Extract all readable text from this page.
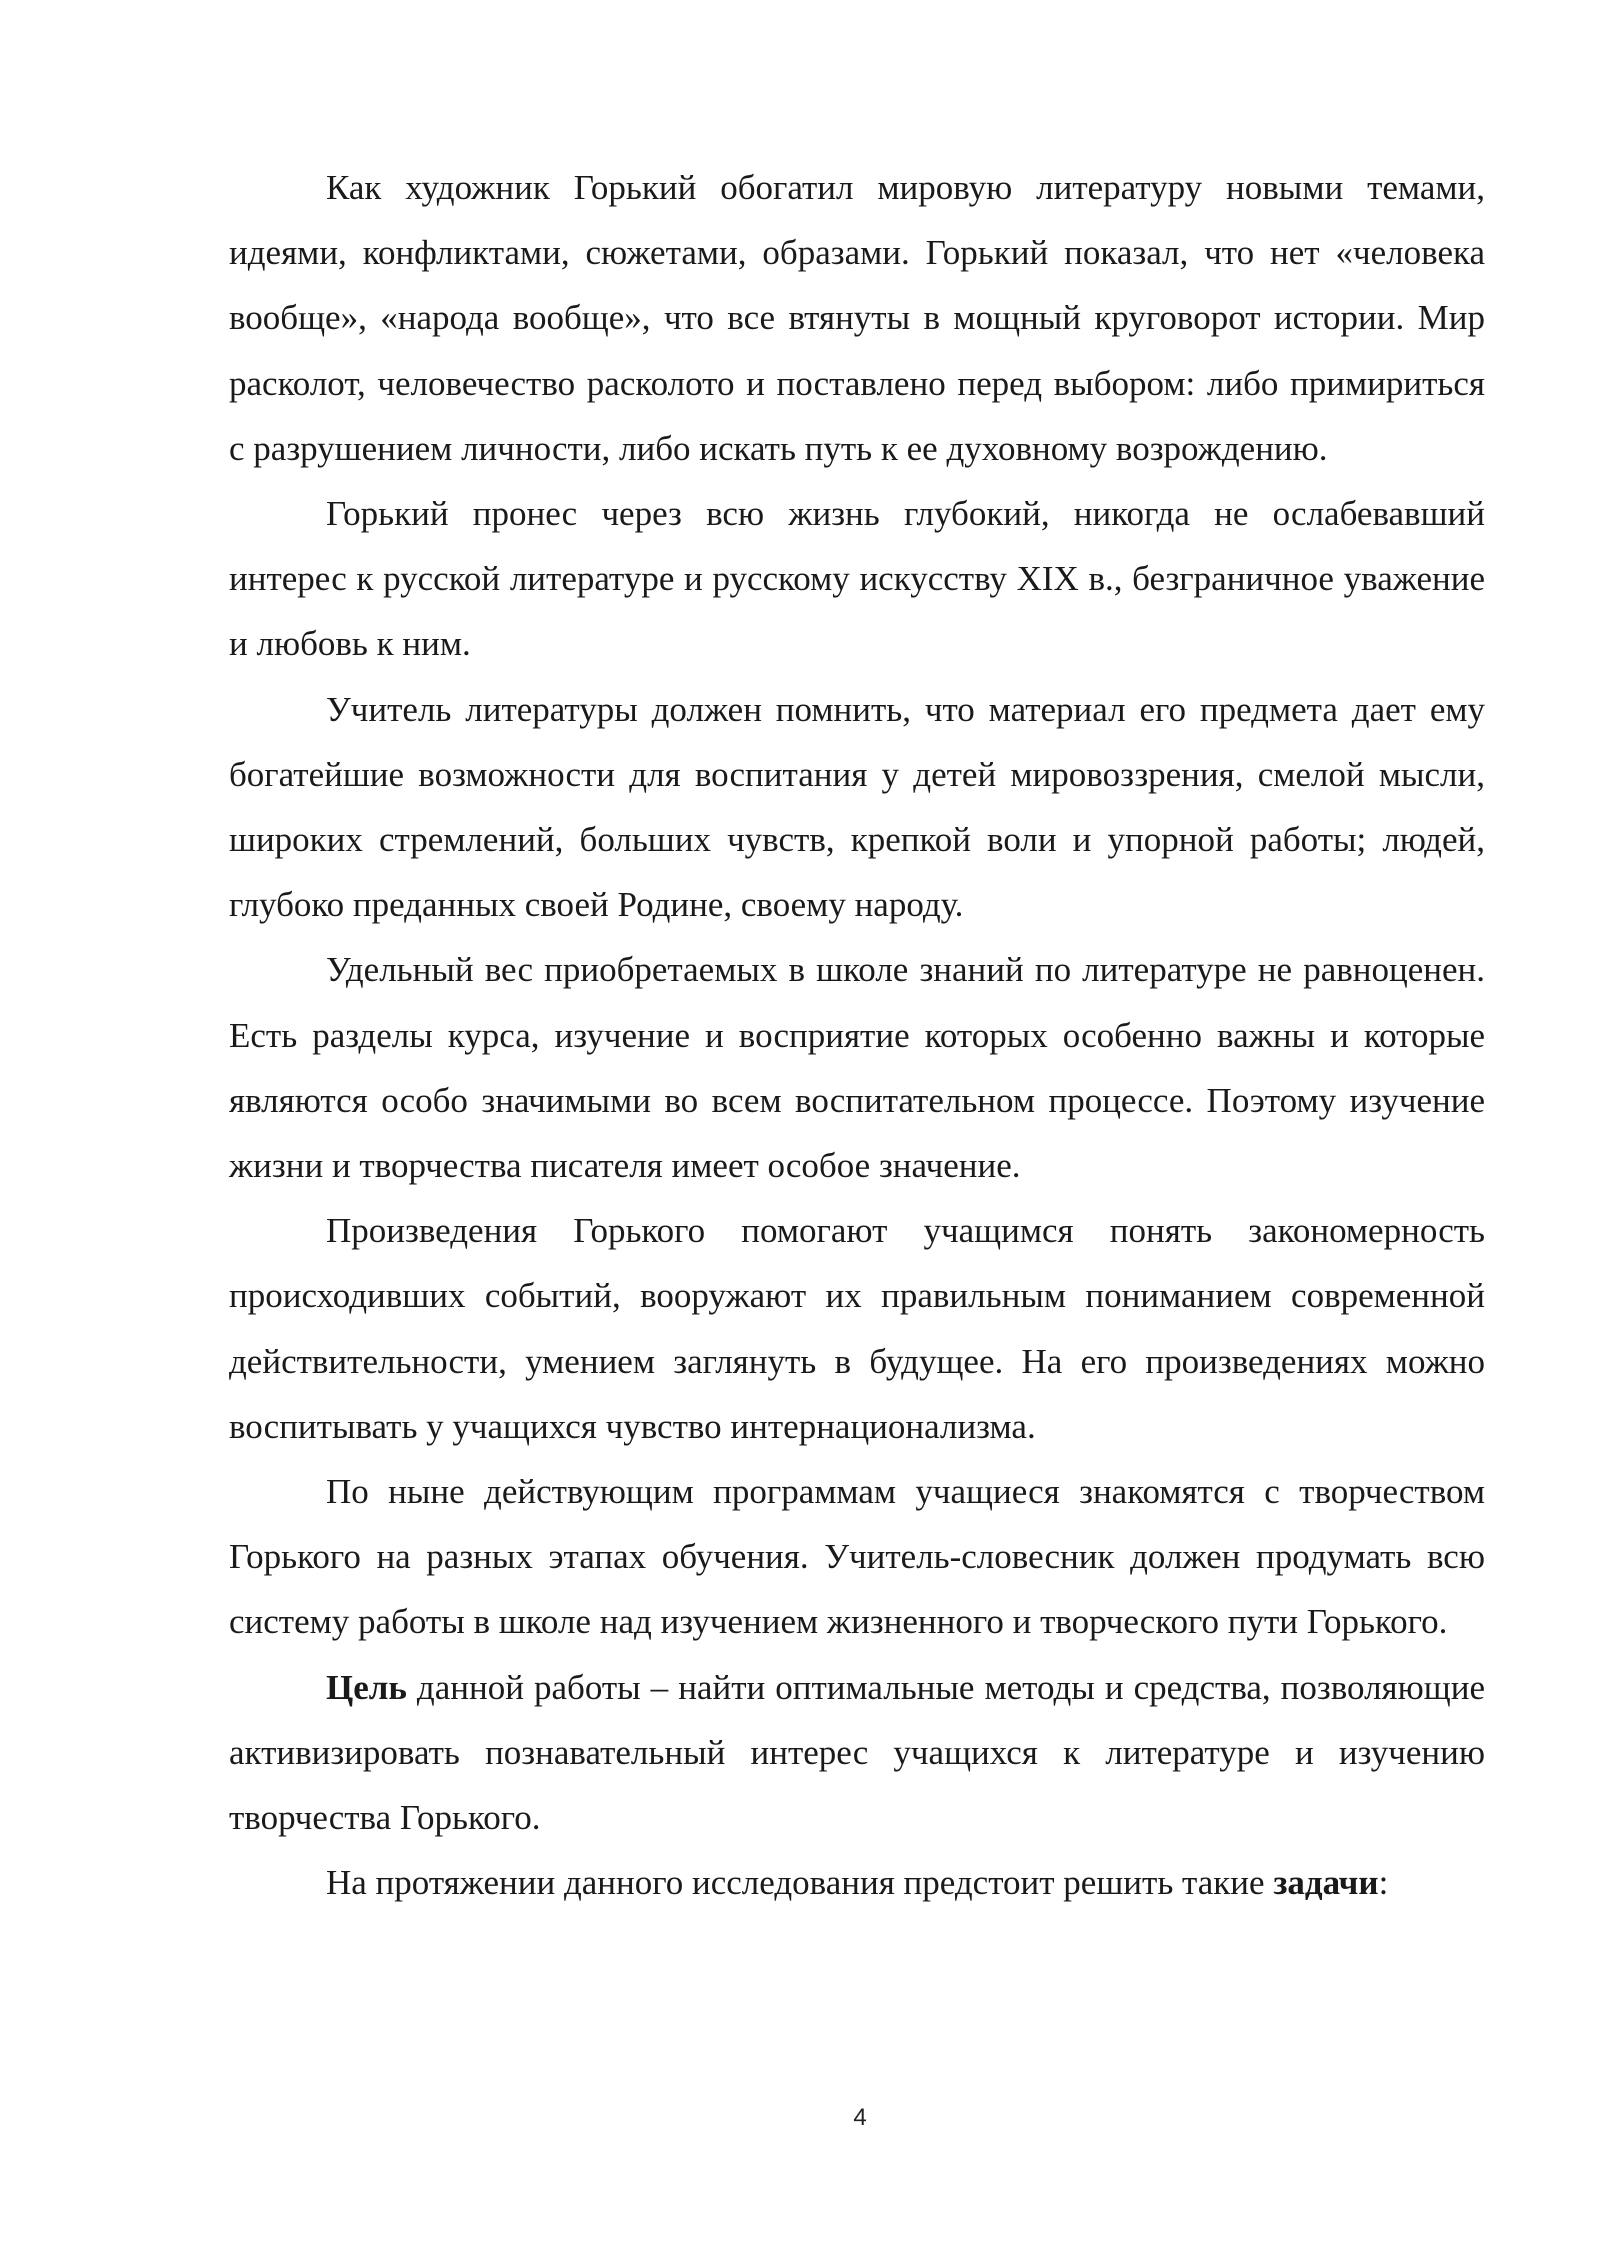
Как художник Горький обогатил мировую литературу новыми темами, идеями, конфликтами, сюжетами, образами. Горький показал, что нет «человека вообще», «народа вообще», что все втянуты в мощный круговорот истории. Мир расколот, человечество расколото и поставлено перед выбором: либо примириться с разрушением личности, либо искать путь к ее духовному возрождению.

Горький пронес через всю жизнь глубокий, никогда не ослабевавший интерес к русской литературе и русскому искусству XIX в., безграничное уважение и любовь к ним.

Учитель литературы должен помнить, что материал его предмета дает ему богатейшие возможности для воспитания у детей мировоззрения, смелой мысли, широких стремлений, больших чувств, крепкой воли и упорной работы; людей, глубоко преданных своей Родине, своему народу.

Удельный вес приобретаемых в школе знаний по литературе не равноценен. Есть разделы курса, изучение и восприятие которых особенно важны и которые являются особо значимыми во всем воспитательном процессе. Поэтому изучение жизни и творчества писателя имеет особое значение.

Произведения Горького помогают учащимся понять закономерность происходивших событий, вооружают их правильным пониманием современной действительности, умением заглянуть в будущее. На его произведениях можно воспитывать у учащихся чувство интернационализма.

По ныне действующим программам учащиеся знакомятся с творчеством Горького на разных этапах обучения. Учитель-словесник должен продумать всю систему работы в школе над изучением жизненного и творческого пути Горького.

Цель данной работы – найти оптимальные методы и средства, позволяющие активизировать познавательный интерес учащихся к литературе и изучению творчества Горького.

На протяжении данного исследования предстоит решить такие задачи:

4
